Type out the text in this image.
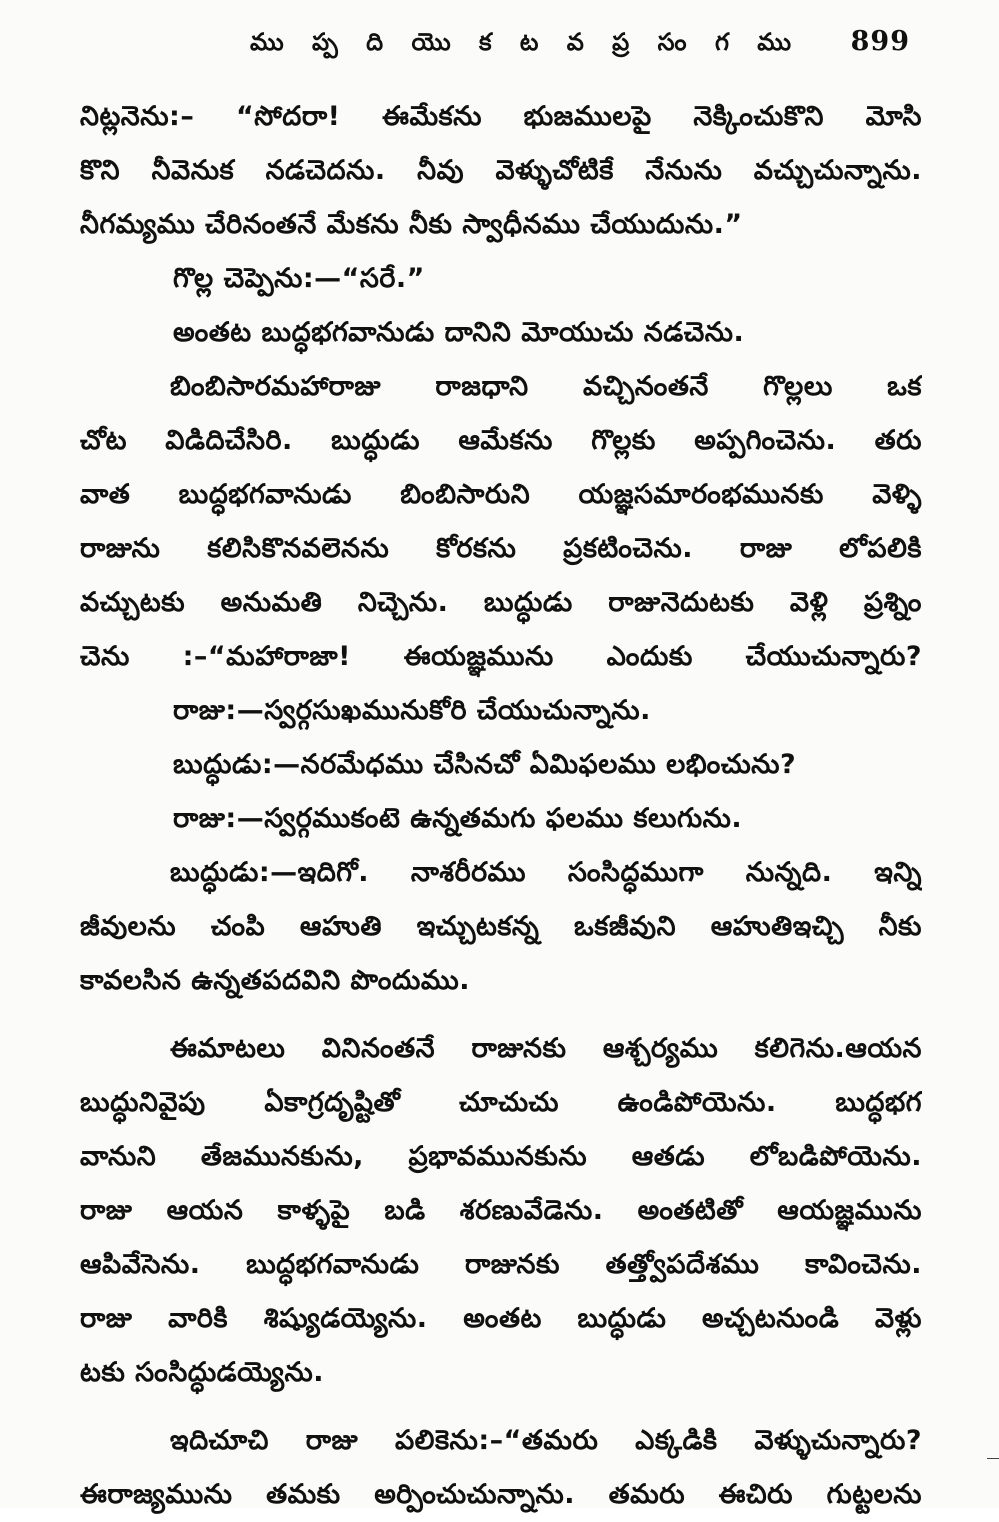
ము ప్ప ది యొ క ట వ ప్ర సం గ ము 899
నిట్లనెను:– “సోదరా! ఈమేకను భుజములపై నెక్కించుకొని మోసి
కొని నీవెనుక నడచెదను. నీవు వెళ్ళుచోటికే నేనును వచ్చుచున్నాను.
నీగమ్యము చేరినంతనే మేకను నీకు స్వాధీనము చేయుదును.”
గొల్ల చెప్పెను:—“సరే.”
అంతట బుద్ధభగవానుడు దానిని మోయుచు నడచెను.
బింబిసారమహారాజు రాజధాని వచ్చినంతనే గొల్లలు ఒక
చోట విడిదిచేసిరి. బుద్ధుడు ఆమేకను గొల్లకు అప్పగించెను. తరు
వాత బుద్ధభగవానుడు బింబిసారుని యజ్ఞసమారంభమునకు వెళ్ళి
రాజును కలిసికొనవలెనను కోరకను ప్రకటించెను. రాజు లోపలికి
వచ్చుటకు అనుమతి నిచ్చెను. బుద్ధుడు రాజునెదుటకు వెళ్లి ప్రశ్నిం
చెను :–“మహారాజా! ఈయజ్ఞమును ఎందుకు చేయుచున్నారు?
రాజు:—స్వర్గసుఖమునుకోరి చేయుచున్నాను.
బుద్ధుడు:—నరమేధము చేసినచో ఏమిఫలము లభించును?
రాజు:—స్వర్గముకంటె ఉన్నతమగు ఫలము కలుగును.
బుద్ధుడు:—ఇదిగో. నాశరీరము సంసిద్ధముగా నున్నది. ఇన్ని
జీవులను చంపి ఆహుతి ఇచ్చుటకన్న ఒకజీవుని ఆహుతిఇచ్చి నీకు
కావలసిన ఉన్నతపదవిని పొందుము.
ఈమాటలు వినినంతనే రాజునకు ఆశ్చర్యము కలిగెను.ఆయన
బుద్ధునివైపు ఏకాగ్రదృష్టితో చూచుచు ఉండిపోయెను. బుద్ధభగ
వానుని తేజమునకును, ప్రభావమునకును ఆతడు లోబడిపోయెను.
రాజు ఆయన కాళ్ళపై బడి శరణువేడెను. అంతటితో ఆయజ్ఞమును
ఆపివేసెను. బుద్ధభగవానుడు రాజునకు తత్త్వోపదేశము కావించెను.
రాజు వారికి శిష్యుడయ్యెను. అంతట బుద్ధుడు అచ్చటనుండి వెళ్లు
టకు సంసిద్ధుడయ్యెను.
ఇదిచూచి రాజు పలికెను:–“తమరు ఎక్కడికి వెళ్ళుచున్నారు?
ఈరాజ్యమును తమకు అర్పించుచున్నాను. తమరు ఈచిరు గుట్టలను
